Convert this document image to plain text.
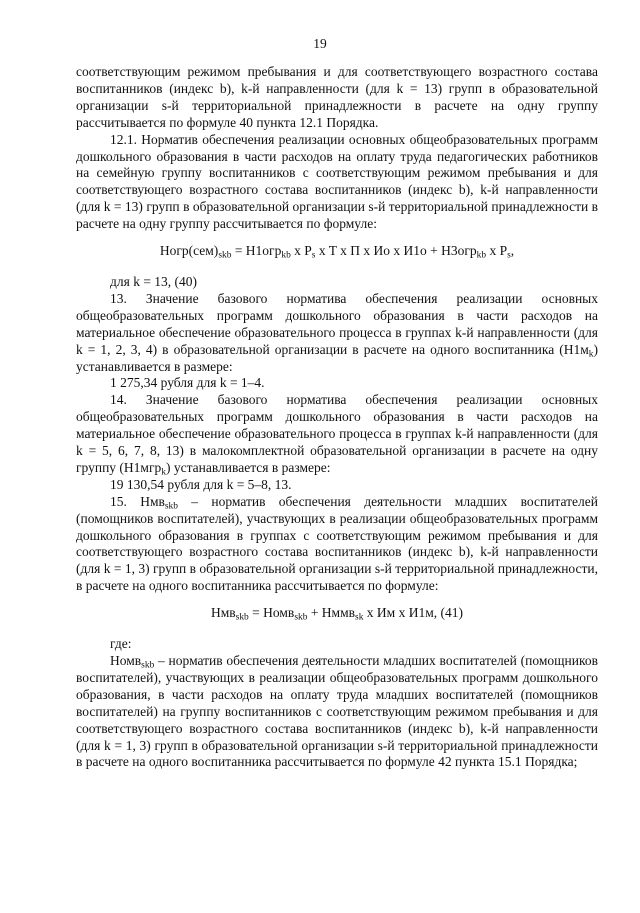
19

соответствующим режимом пребывания и для соответствующего возрастного состава воспитанников (индекс b), k-й направленности (для k = 13) групп в образовательной организации s-й территориальной принадлежности в расчете на одну группу рассчитывается по формуле 40 пункта 12.1 Порядка.

12.1. Норматив обеспечения реализации основных общеобразовательных программ дошкольного образования в части расходов на оплату труда педагогических работников на семейную группу воспитанников с соответствующим режимом пребывания и для соответствующего возрастного состава воспитанников (индекс b), k-й направленности (для k = 13) групп в образовательной организации s-й территориальной принадлежности в расчете на одну группу рассчитывается по формуле:

$Hогр(сем)_{skb} = H1огр_{kb}$ x $P_s$ x T x П x Ио x И1о + Н3огр$_{kb}$ x $P_s$,

для k = 13, (40)

13. Значение базового норматива обеспечения реализации основных общеобразовательных программ дошкольного образования в части расходов на материальное обеспечение образовательного процесса в группах k-й направленности (для k = 1, 2, 3, 4) в образовательной организации в расчете на одного воспитанника $(Н1м_k)$ устанавливается в размере:

1 275,34 рубля для k = 1–4.

14. Значение базового норматива обеспечения реализации основных общеобразовательных программ дошкольного образования в части расходов на материальное обеспечение образовательного процесса в группах k-й направленности (для k = 5, 6, 7, 8, 13) в малокомплектной образовательной организации в расчете на одну группу (Н1мгр$_k$) устанавливается в размере:

19 130,54 рубля для k = 5–8, 13.

15. Нмв$_{skb}$ – норматив обеспечения деятельности младших воспитателей (помощников воспитателей), участвующих в реализации общеобразовательных программ дошкольного образования в группах с соответствующим режимом пребывания и для соответствующего возрастного состава воспитанников (индекс b), k-й направленности (для k = 1, 3) групп в образовательной организации s-й территориальной принадлежности, в расчете на одного воспитанника рассчитывается по формуле:

Нмв$_{skb}$ = Номв$_{skb}$ + Нммв$_{sk}$ x Им x И1м, (41)

где:

Номв$_{skb}$ – норматив обеспечения деятельности младших воспитателей (помощников воспитателей), участвующих в реализации общеобразовательных программ дошкольного образования, в части расходов на оплату труда младших воспитателей (помощников воспитателей) на группу воспитанников с соответствующим режимом пребывания и для соответствующего возрастного состава воспитанников (индекс b), k-й направленности (для k = 1, 3) групп в образовательной организации s-й территориальной принадлежности в расчете на одного воспитанника рассчитывается по формуле 42 пункта 15.1 Порядка;
